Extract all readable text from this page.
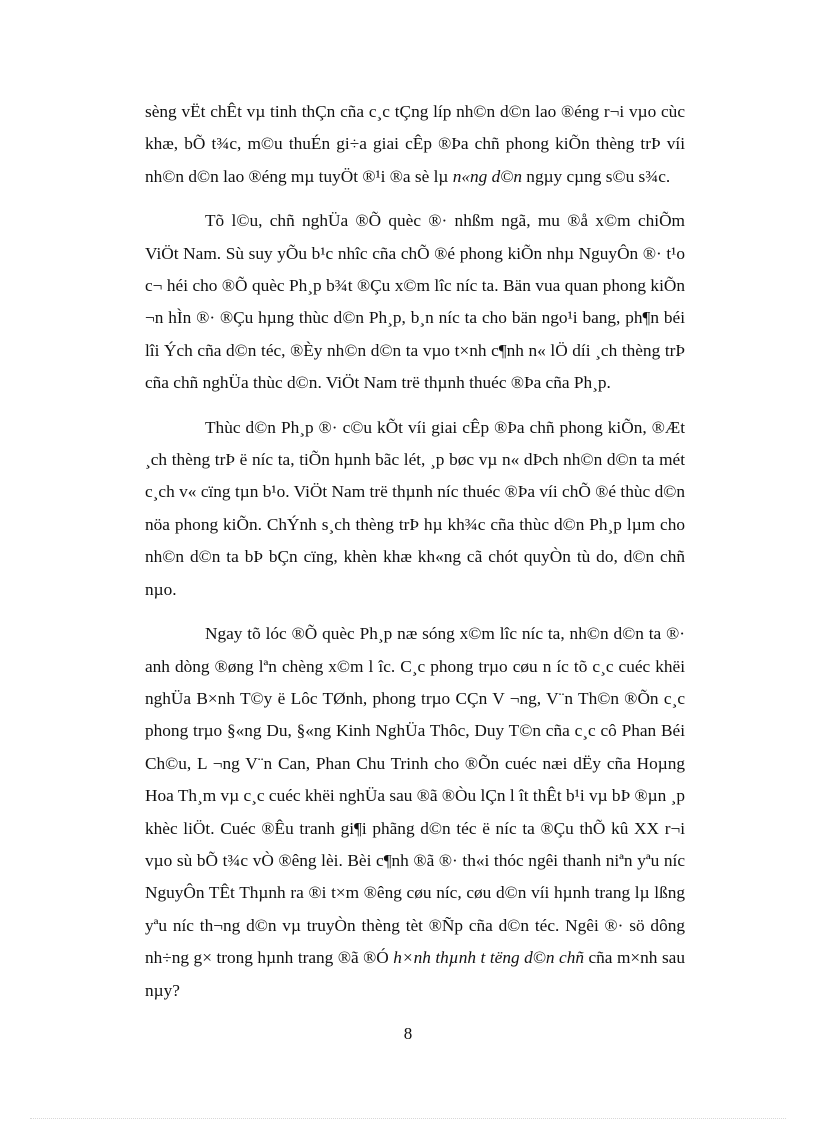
sèng vËt chÊt vµ tinh thÇn cña c¸c tÇng líp nh©n d©n lao ®éng r¬i vµo cùc khæ, bÕ t¾c, m©u thuÉn gi÷a giai cÊp ®Þa chñ phong kiÕn thèng trÞ víi nh©n d©n lao ®éng mµ tuyÖt ®¹i ®a sè lµ n«ng d©n ngµy cµng s©u s¾c.

Tõ l©u, chñ nghÜa ®Õ quèc ®· nhßm ngã, mu ®å x©m chiÕm ViÖt Nam. Sù suy yÕu b¹c nhîc cña chÕ ®é phong kiÕn nhµ NguyÔn ®· t¹o c¬ héi cho ®Õ quèc Ph¸p b¾t ®Çu x©m lîc níc ta. Bän vua quan phong kiÕn ¬n hÌn ®· ®Çu hµng thùc d©n Ph¸p, b¸n níc ta cho bän ngo¹i bang, ph¶n béi lîi Ých cña d©n téc, ®Èy nh©n d©n ta vµo t×nh c¶nh n« lÖ díi ¸ch thèng trÞ cña chñ nghÜa thùc d©n. ViÖt Nam trë thµnh thuéc ®Þa cña Ph¸p.

Thùc d©n Ph¸p ®· c©u kÕt víi giai cÊp ®Þa chñ phong kiÕn, ®Æt ¸ch thèng trÞ ë níc ta, tiÕn hµnh bãc lét, ¸p bøc vµ n« dÞch nh©n d©n ta mét c¸ch v« cïng tµn b¹o. ViÖt Nam trë thµnh níc thuéc ®Þa víi chÕ ®é thùc d©n nöa phong kiÕn. ChÝnh s¸ch thèng trÞ hµ kh¾c cña thùc d©n Ph¸p lµm cho nh©n d©n ta bÞ bÇn cïng, khèn khæ kh«ng cã chót quyÒn tù do, d©n chñ nµo.

Ngay tõ lóc ®Õ quèc Ph¸p næ sóng x©m lîc níc ta, nh©n d©n ta ®· anh dòng ®øng lªn chèng x©m l îc. C¸c phong trµo cøu n íc tõ c¸c cuéc khëi nghÜa B×nh T©y ë Lôc TØnh, phong trµo CÇn V ¬ng, V¨n Th©n ®Õn c¸c phong trµo §«ng Du, §«ng Kinh NghÜa Thôc, Duy T©n cña c¸c cô Phan Béi Ch©u, L ¬ng V¨n Can, Phan Chu Trinh cho ®Õn cuéc næi dËy cña Hoµng Hoa Th¸m vµ c¸c cuéc khëi nghÜa sau ®ã ®Òu lÇn l ît thÊt b¹i vµ bÞ ®µn ¸p khèc liÖt. Cuéc ®Êu tranh gi¶i phãng d©n téc ë níc ta ®Çu thÕ kû XX r¬i vµo sù bÕ t¾c vÒ ®êng lèi. Bèi c¶nh ®ã ®· th«i thóc ngêi thanh niªn yªu níc NguyÔn TÊt Thµnh ra ®i t×m ®êng cøu níc, cøu d©n víi hµnh trang lµ lßng yªu níc th¬ng d©n vµ truyÒn thèng tèt ®Ñp cña d©n téc. Ngêi ®· sö dông nh÷ng g× trong hµnh trang ®ã ®Ó h×nh thµnh t tëng d©n chñ cña m×nh sau nµy?

8
